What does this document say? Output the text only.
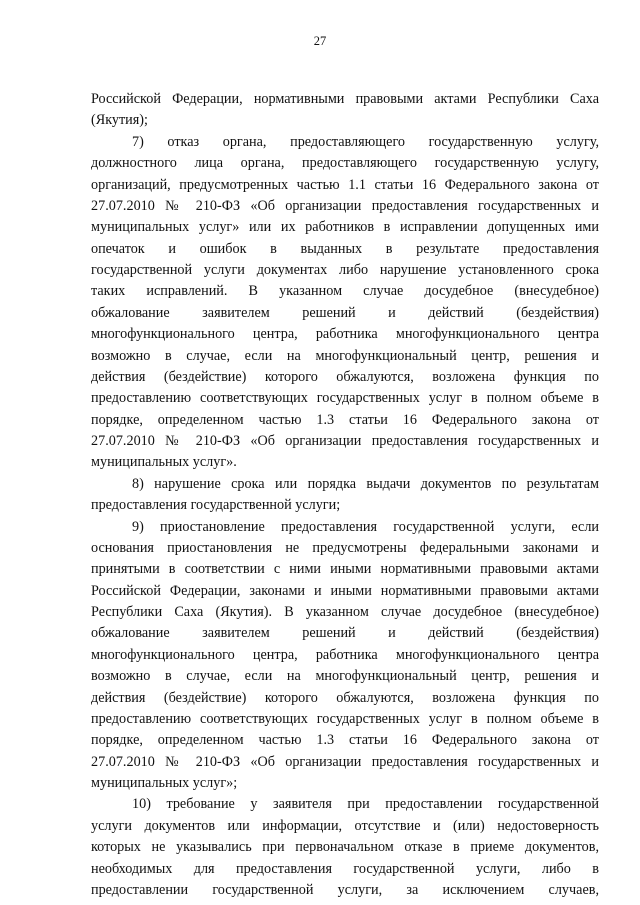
27
Российской Федерации, нормативными правовыми актами Республики Саха
(Якутия);
7) отказ органа, предоставляющего государственную услугу,
должностного лица органа, предоставляющего государственную услугу,
организаций, предусмотренных частью 1.1 статьи 16 Федерального закона от
27.07.2010 № 210-ФЗ «Об организации предоставления государственных и
муниципальных услуг» или их работников в исправлении допущенных ими
опечаток и ошибок в выданных в результате предоставления
государственной услуги документах либо нарушение установленного срока
таких исправлений. В указанном случае досудебное (внесудебное)
обжалование заявителем решений и действий (бездействия)
многофункционального центра, работника многофункционального центра
возможно в случае, если на многофункциональный центр, решения и
действия (бездействие) которого обжалуются, возложена функция по
предоставлению соответствующих государственных услуг в полном объеме в
порядке, определенном частью 1.3 статьи 16 Федерального закона от
27.07.2010 № 210-ФЗ «Об организации предоставления государственных и
муниципальных услуг».
8) нарушение срока или порядка выдачи документов по результатам
предоставления государственной услуги;
9) приостановление предоставления государственной услуги, если
основания приостановления не предусмотрены федеральными законами и
принятыми в соответствии с ними иными нормативными правовыми актами
Российской Федерации, законами и иными нормативными правовыми актами
Республики Саха (Якутия). В указанном случае досудебное (внесудебное)
обжалование заявителем решений и действий (бездействия)
многофункционального центра, работника многофункционального центра
возможно в случае, если на многофункциональный центр, решения и
действия (бездействие) которого обжалуются, возложена функция по
предоставлению соответствующих государственных услуг в полном объеме в
порядке, определенном частью 1.3 статьи 16 Федерального закона от
27.07.2010 № 210-ФЗ «Об организации предоставления государственных и
муниципальных услуг»;
10) требование у заявителя при предоставлении государственной
услуги документов или информации, отсутствие и (или) недостоверность
которых не указывались при первоначальном отказе в приеме документов,
необходимых для предоставления государственной услуги, либо в
предоставлении государственной услуги, за исключением случаев,
